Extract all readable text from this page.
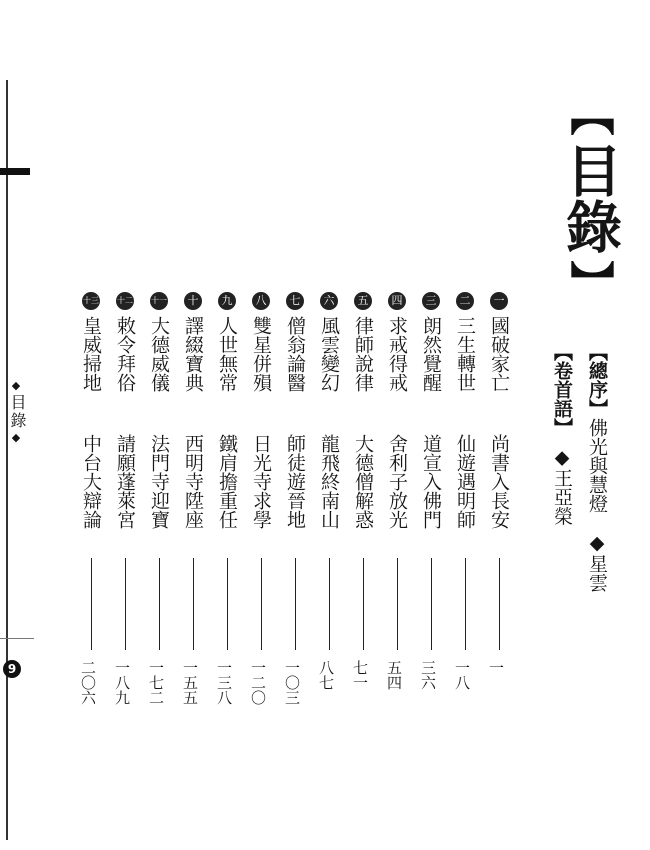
◆
目錄
◆
9
【
目錄
】
【總序】佛光與慧燈　◆星雲
【卷首語】　◆王亞榮
一
國破家亡
尚書入長安
一
二
三生轉世
仙遊遇明師
一八
三
朗然覺醒
道宣入佛門
三六
四
求戒得戒
舍利子放光
五四
五
律師說律
大德僧解惑
七一
六
風雲變幻
龍飛終南山
八七
七
僧翁論醫
師徒遊晉地
一〇三
八
雙星併殞
日光寺求學
一二〇
九
人世無常
鐵肩擔重任
一三八
十
譯綴寶典
西明寺陞座
一五五
十一
大德威儀
法門寺迎寶
一七二
十二
敕令拜俗
請願蓬萊宮
一八九
十三
皇威掃地
中台大辯論
二〇六
